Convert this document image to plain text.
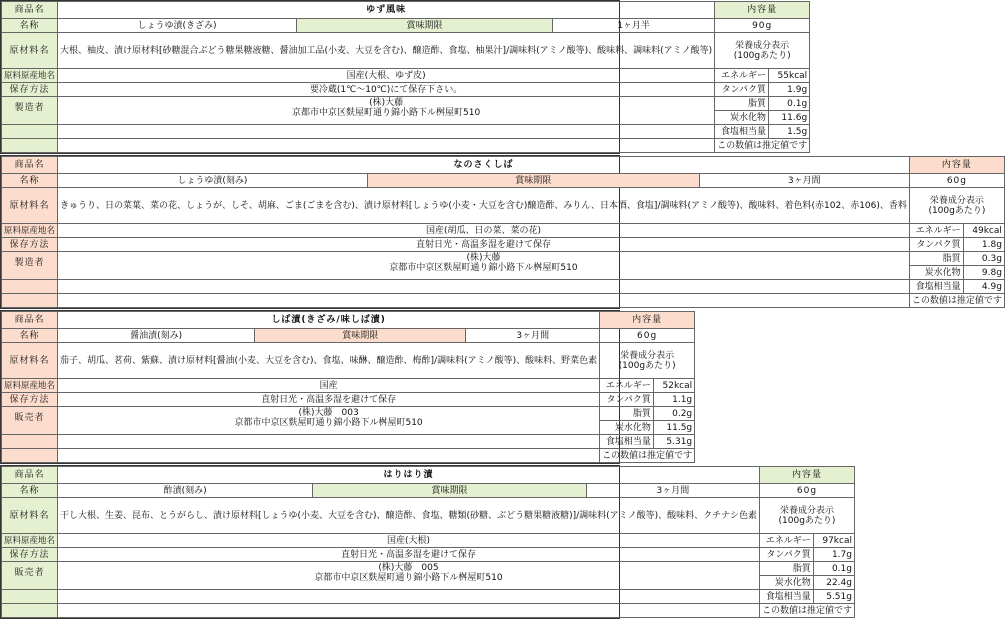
商品名	ゆず風味			内容量	
名称	しょうゆ漬(きざみ)	賞味期限	1ヶ月半	90g	
原材料名	大根、柚皮、漬け原材料[砂糖混合ぶどう糖果糖液糖、醤油加工品(小麦、大豆を含む)、醸造酢、食塩、柚果汁]/調味料(アミノ酸等)、酸味料、調味料(アミノ酸等)			栄養成分表示
(100gあたり)	
原料原産地名	国産(大根、ゆず皮)			エネルギー	55kcal
保存方法	要冷蔵(1℃～10℃)にて保存下さい。			タンパク質	1.9g
製造者	(株)大藤
京都市中京区麩屋町通り錦小路下ル桝屋町510			脂質	0.1g
				炭水化物	11.6g
				食塩相当量	1.5g
				この数値は推定値です	
商品名	なのさくしば			内容量	
名称	しょうゆ漬(刻み)	賞味期限	3ヶ月間	60g	
原材料名	きゅうり、日の菜葉、菜の花、しょうが、しそ、胡麻、ごま(ごまを含む)、漬け原材料[しょうゆ(小麦・大豆を含む)醸造酢、みりん、日本酒、食塩]/調味料(アミノ酸等)、酸味料、着色料(赤102、赤106)、香料			栄養成分表示
(100gあたり)	
原料原産地名	国産(胡瓜、日の菜、菜の花)			エネルギー	49kcal
保存方法	直射日光・高温多湿を避けて保存			タンパク質	1.8g
製造者	(株)大藤
京都市中京区麩屋町通り錦小路下ル桝屋町510			脂質	0.3g
				炭水化物	9.8g
				食塩相当量	4.9g
				この数値は推定値です	
商品名	しば漬(きざみ/味しば漬)			内容量	
名称	醤油漬(刻み)	賞味期限	3ヶ月間	60g	
原材料名	茄子、胡瓜、茗荷、紫蘇、漬け原材料[醤油(小麦、大豆を含む)、食塩、味醂、醸造酢、梅酢]/調味料(アミノ酸等)、酸味料、野菜色素			栄養成分表示
(100gあたり)	
原料原産地名	国産			エネルギー	52kcal
保存方法	直射日光・高温多湿を避けて保存			タンパク質	1.1g
販売者	(株)大藤　003
京都市中京区麩屋町通り錦小路下ル桝屋町510			脂質	0.2g
				炭水化物	11.5g
				食塩相当量	5.31g
				この数値は推定値です	
商品名	はりはり漬			内容量	
名称	酢漬(刻み)	賞味期限	3ヶ月間	60g	
原材料名	干し大根、生姜、昆布、とうがらし、漬け原材料[しょうゆ(小麦、大豆を含む)、醸造酢、食塩、糖類(砂糖、ぶどう糖果糖液糖)]/調味料(アミノ酸等)、酸味料、クチナシ色素			栄養成分表示
(100gあたり)	
原料原産地名	国産(大根)			エネルギー	97kcal
保存方法	直射日光・高温多湿を避けて保存			タンパク質	1.7g
販売者	(株)大藤　005
京都市中京区麩屋町通り錦小路下ル桝屋町510			脂質	0.1g
				炭水化物	22.4g
				食塩相当量	5.51g
				この数値は推定値です	
